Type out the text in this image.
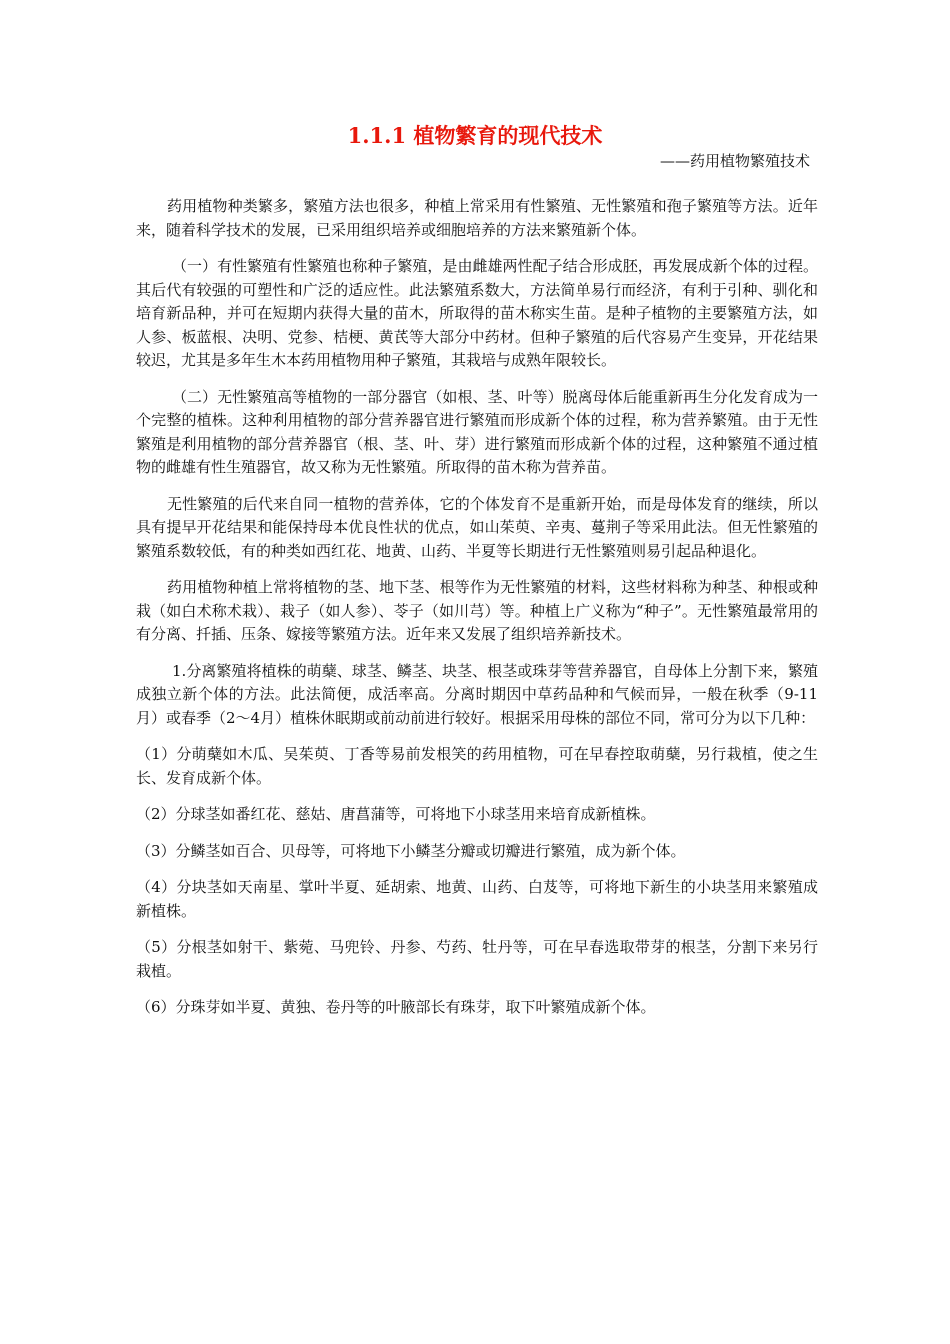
1.1.1 植物繁育的现代技术
——药用植物繁殖技术

药用植物种类繁多，繁殖方法也很多，种植上常采用有性繁殖、无性繁殖和孢子繁殖等方法。近年来，随着科学技术的发展，已采用组织培养或细胞培养的方法来繁殖新个体。

（一）有性繁殖有性繁殖也称种子繁殖，是由雌雄两性配子结合形成胚，再发展成新个体的过程。其后代有较强的可塑性和广泛的适应性。此法繁殖系数大，方法简单易行而经济，有利于引种、驯化和培育新品种，并可在短期内获得大量的苗木，所取得的苗木称实生苗。是种子植物的主要繁殖方法，如人参、板蓝根、决明、党参、桔梗、黄芪等大部分中药材。但种子繁殖的后代容易产生变异，开花结果较迟，尤其是多年生木本药用植物用种子繁殖，其栽培与成熟年限较长。

（二）无性繁殖高等植物的一部分器官（如根、茎、叶等）脱离母体后能重新再生分化发育成为一个完整的植株。这种利用植物的部分营养器官进行繁殖而形成新个体的过程，称为营养繁殖。由于无性繁殖是利用植物的部分营养器官（根、茎、叶、芽）进行繁殖而形成新个体的过程，这种繁殖不通过植物的雌雄有性生殖器官，故又称为无性繁殖。所取得的苗木称为营养苗。

无性繁殖的后代来自同一植物的营养体，它的个体发育不是重新开始，而是母体发育的继续，所以具有提早开花结果和能保持母本优良性状的优点，如山茱萸、辛夷、蔓荆子等采用此法。但无性繁殖的繁殖系数较低，有的种类如西红花、地黄、山药、半夏等长期进行无性繁殖则易引起品种退化。

药用植物种植上常将植物的茎、地下茎、根等作为无性繁殖的材料，这些材料称为种茎、种根或种栽（如白术称术栽）、栽子（如人参）、苓子（如川芎）等。种植上广义称为“种子”。无性繁殖最常用的有分离、扦插、压条、嫁接等繁殖方法。近年来又发展了组织培养新技术。

1.分离繁殖将植株的萌蘖、球茎、鳞茎、块茎、根茎或珠芽等营养器官，自母体上分割下来，繁殖成独立新个体的方法。此法简便，成活率高。分离时期因中草药品种和气候而异，一般在秋季（9-11月）或春季（2～4月）植株休眠期或前动前进行较好。根据采用母株的部位不同，常可分为以下几种：

（1）分萌蘖如木瓜、吴茱萸、丁香等易前发根笑的药用植物，可在早春控取萌蘖，另行栽植，使之生长、发育成新个体。

（2）分球茎如番红花、慈姑、唐菖蒲等，可将地下小球茎用来培育成新植株。

（3）分鳞茎如百合、贝母等，可将地下小鳞茎分瓣或切瓣进行繁殖，成为新个体。

（4）分块茎如天南星、掌叶半夏、延胡索、地黄、山药、白芨等，可将地下新生的小块茎用来繁殖成新植株。

（5）分根茎如射干、紫菀、马兜铃、丹参、芍药、牡丹等，可在早春选取带芽的根茎，分割下来另行栽植。

（6）分珠芽如半夏、黄独、卷丹等的叶腋部长有珠芽，取下叶繁殖成新个体。
